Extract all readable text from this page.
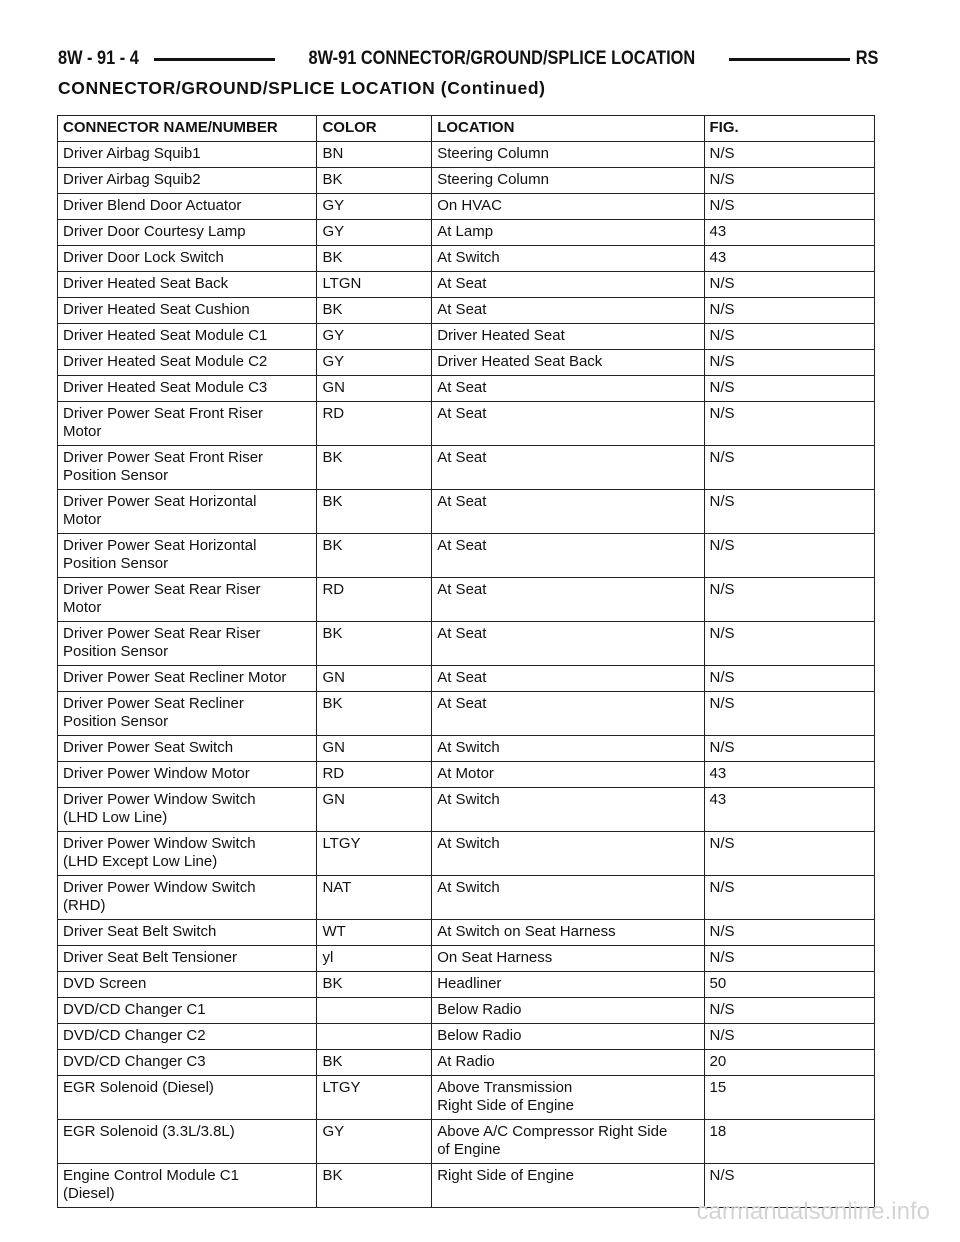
8W - 91 - 4	8W-91 CONNECTOR/GROUND/SPLICE LOCATION	RS
CONNECTOR/GROUND/SPLICE LOCATION (Continued)
CONNECTOR NAME/NUMBER	COLOR	LOCATION	FIG.

Driver Airbag Squib1	BN	Steering Column	N/S

Driver Airbag Squib2	BK	Steering Column	N/S

Driver Blend Door Actuator	GY	On HVAC	N/S

Driver Door Courtesy Lamp	GY	At Lamp	43

Driver Door Lock Switch	BK	At Switch	43

Driver Heated Seat Back	LTGN	At Seat	N/S

Driver Heated Seat Cushion	BK	At Seat	N/S

Driver Heated Seat Module C1	GY	Driver Heated Seat	N/S

Driver Heated Seat Module C2	GY	Driver Heated Seat Back	N/S

Driver Heated Seat Module C3	GN	At Seat	N/S

Driver Power Seat Front Riser
Motor	RD	At Seat	N/S

Driver Power Seat Front Riser
Position Sensor	BK	At Seat	N/S

Driver Power Seat Horizontal
Motor	BK	At Seat	N/S

Driver Power Seat Horizontal
Position Sensor	BK	At Seat	N/S

Driver Power Seat Rear Riser
Motor	RD	At Seat	N/S

Driver Power Seat Rear Riser
Position Sensor	BK	At Seat	N/S

Driver Power Seat Recliner Motor	GN	At Seat	N/S

Driver Power Seat Recliner
Position Sensor	BK	At Seat	N/S

Driver Power Seat Switch	GN	At Switch	N/S

Driver Power Window Motor	RD	At Motor	43

Driver Power Window Switch
(LHD Low Line)	GN	At Switch	43

Driver Power Window Switch
(LHD Except Low Line)	LTGY	At Switch	N/S

Driver Power Window Switch
(RHD)	NAT	At Switch	N/S

Driver Seat Belt Switch	WT	At Switch on Seat Harness	N/S

Driver Seat Belt Tensioner	yl	On Seat Harness	N/S

DVD Screen	BK	Headliner	50

DVD/CD Changer C1		Below Radio	N/S

DVD/CD Changer C2		Below Radio	N/S

DVD/CD Changer C3	BK	At Radio	20

EGR Solenoid (Diesel)	LTGY	Above Transmission
Right Side of Engine	15

EGR Solenoid (3.3L/3.8L)	GY	Above A/C Compressor Right Side
of Engine	18

Engine Control Module C1
(Diesel)	BK	Right Side of Engine	N/S
carmanualsonline.info
